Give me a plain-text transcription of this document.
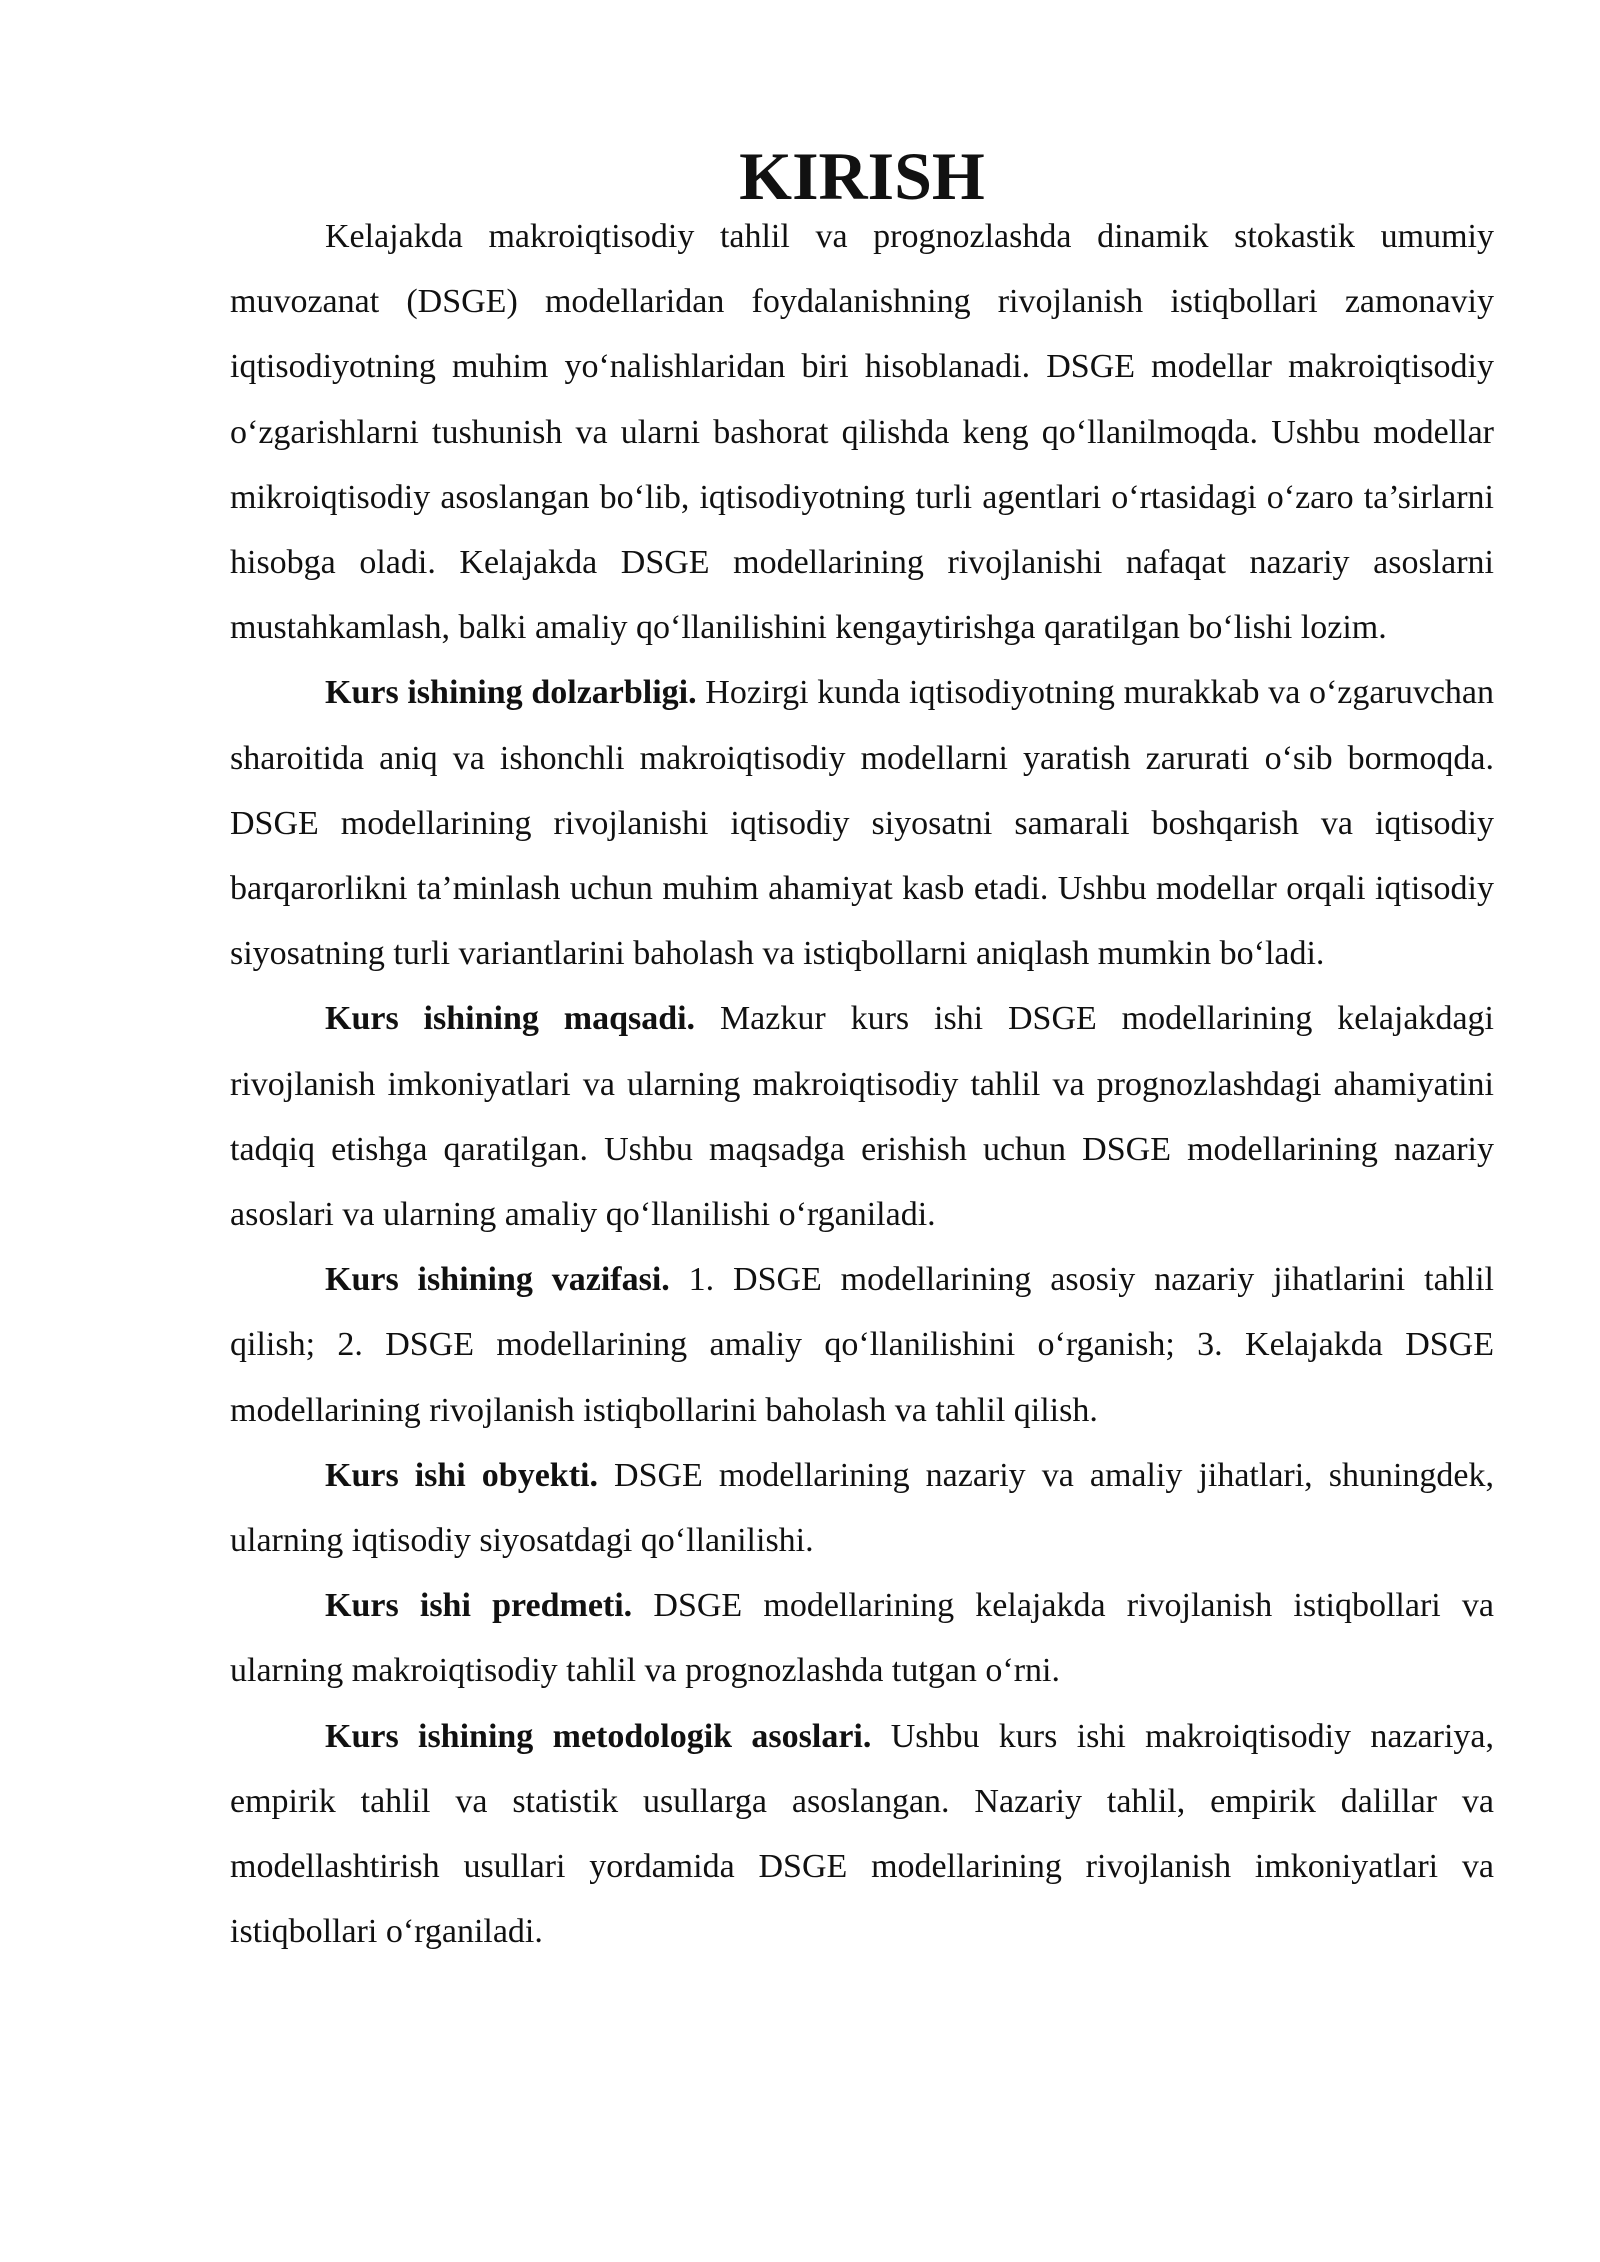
KIRISH

Kelajakda makroiqtisodiy tahlil va prognozlashda dinamik stokastik umumiy muvozanat (DSGE) modellaridan foydalanishning rivojlanish istiqbollari zamonaviy iqtisodiyotning muhim yo‘nalishlaridan biri hisoblanadi. DSGE modellar makroiqtisodiy o‘zgarishlarni tushunish va ularni bashorat qilishda keng qo‘llanilmoqda. Ushbu modellar mikroiqtisodiy asoslangan bo‘lib, iqtisodiyotning turli agentlari o‘rtasidagi o‘zaro ta’sirlarni hisobga oladi. Kelajakda DSGE modellarining rivojlanishi nafaqat nazariy asoslarni mustahkamlash, balki amaliy qo‘llanilishini kengaytirishga qaratilgan bo‘lishi lozim.

Kurs ishining dolzarbligi. Hozirgi kunda iqtisodiyotning murakkab va o‘zgaruvchan sharoitida aniq va ishonchli makroiqtisodiy modellarni yaratish zarurati o‘sib bormoqda. DSGE modellarining rivojlanishi iqtisodiy siyosatni samarali boshqarish va iqtisodiy barqarorlikni ta’minlash uchun muhim ahamiyat kasb etadi. Ushbu modellar orqali iqtisodiy siyosatning turli variantlarini baholash va istiqbollarni aniqlash mumkin bo‘ladi.

Kurs ishining maqsadi. Mazkur kurs ishi DSGE modellarining kelajakdagi rivojlanish imkoniyatlari va ularning makroiqtisodiy tahlil va prognozlashdagi ahamiyatini tadqiq etishga qaratilgan. Ushbu maqsadga erishish uchun DSGE modellarining nazariy asoslari va ularning amaliy qo‘llanilishi o‘rganiladi.

Kurs ishining vazifasi. 1. DSGE modellarining asosiy nazariy jihatlarini tahlil qilish; 2. DSGE modellarining amaliy qo‘llanilishini o‘rganish; 3. Kelajakda DSGE modellarining rivojlanish istiqbollarini baholash va tahlil qilish.

Kurs ishi obyekti. DSGE modellarining nazariy va amaliy jihatlari, shuningdek, ularning iqtisodiy siyosatdagi qo‘llanilishi.

Kurs ishi predmeti. DSGE modellarining kelajakda rivojlanish istiqbollari va ularning makroiqtisodiy tahlil va prognozlashda tutgan o‘rni.

Kurs ishining metodologik asoslari. Ushbu kurs ishi makroiqtisodiy nazariya, empirik tahlil va statistik usullarga asoslangan. Nazariy tahlil, empirik dalillar va modellashtirish usullari yordamida DSGE modellarining rivojlanish imkoniyatlari va istiqbollari o‘rganiladi.
